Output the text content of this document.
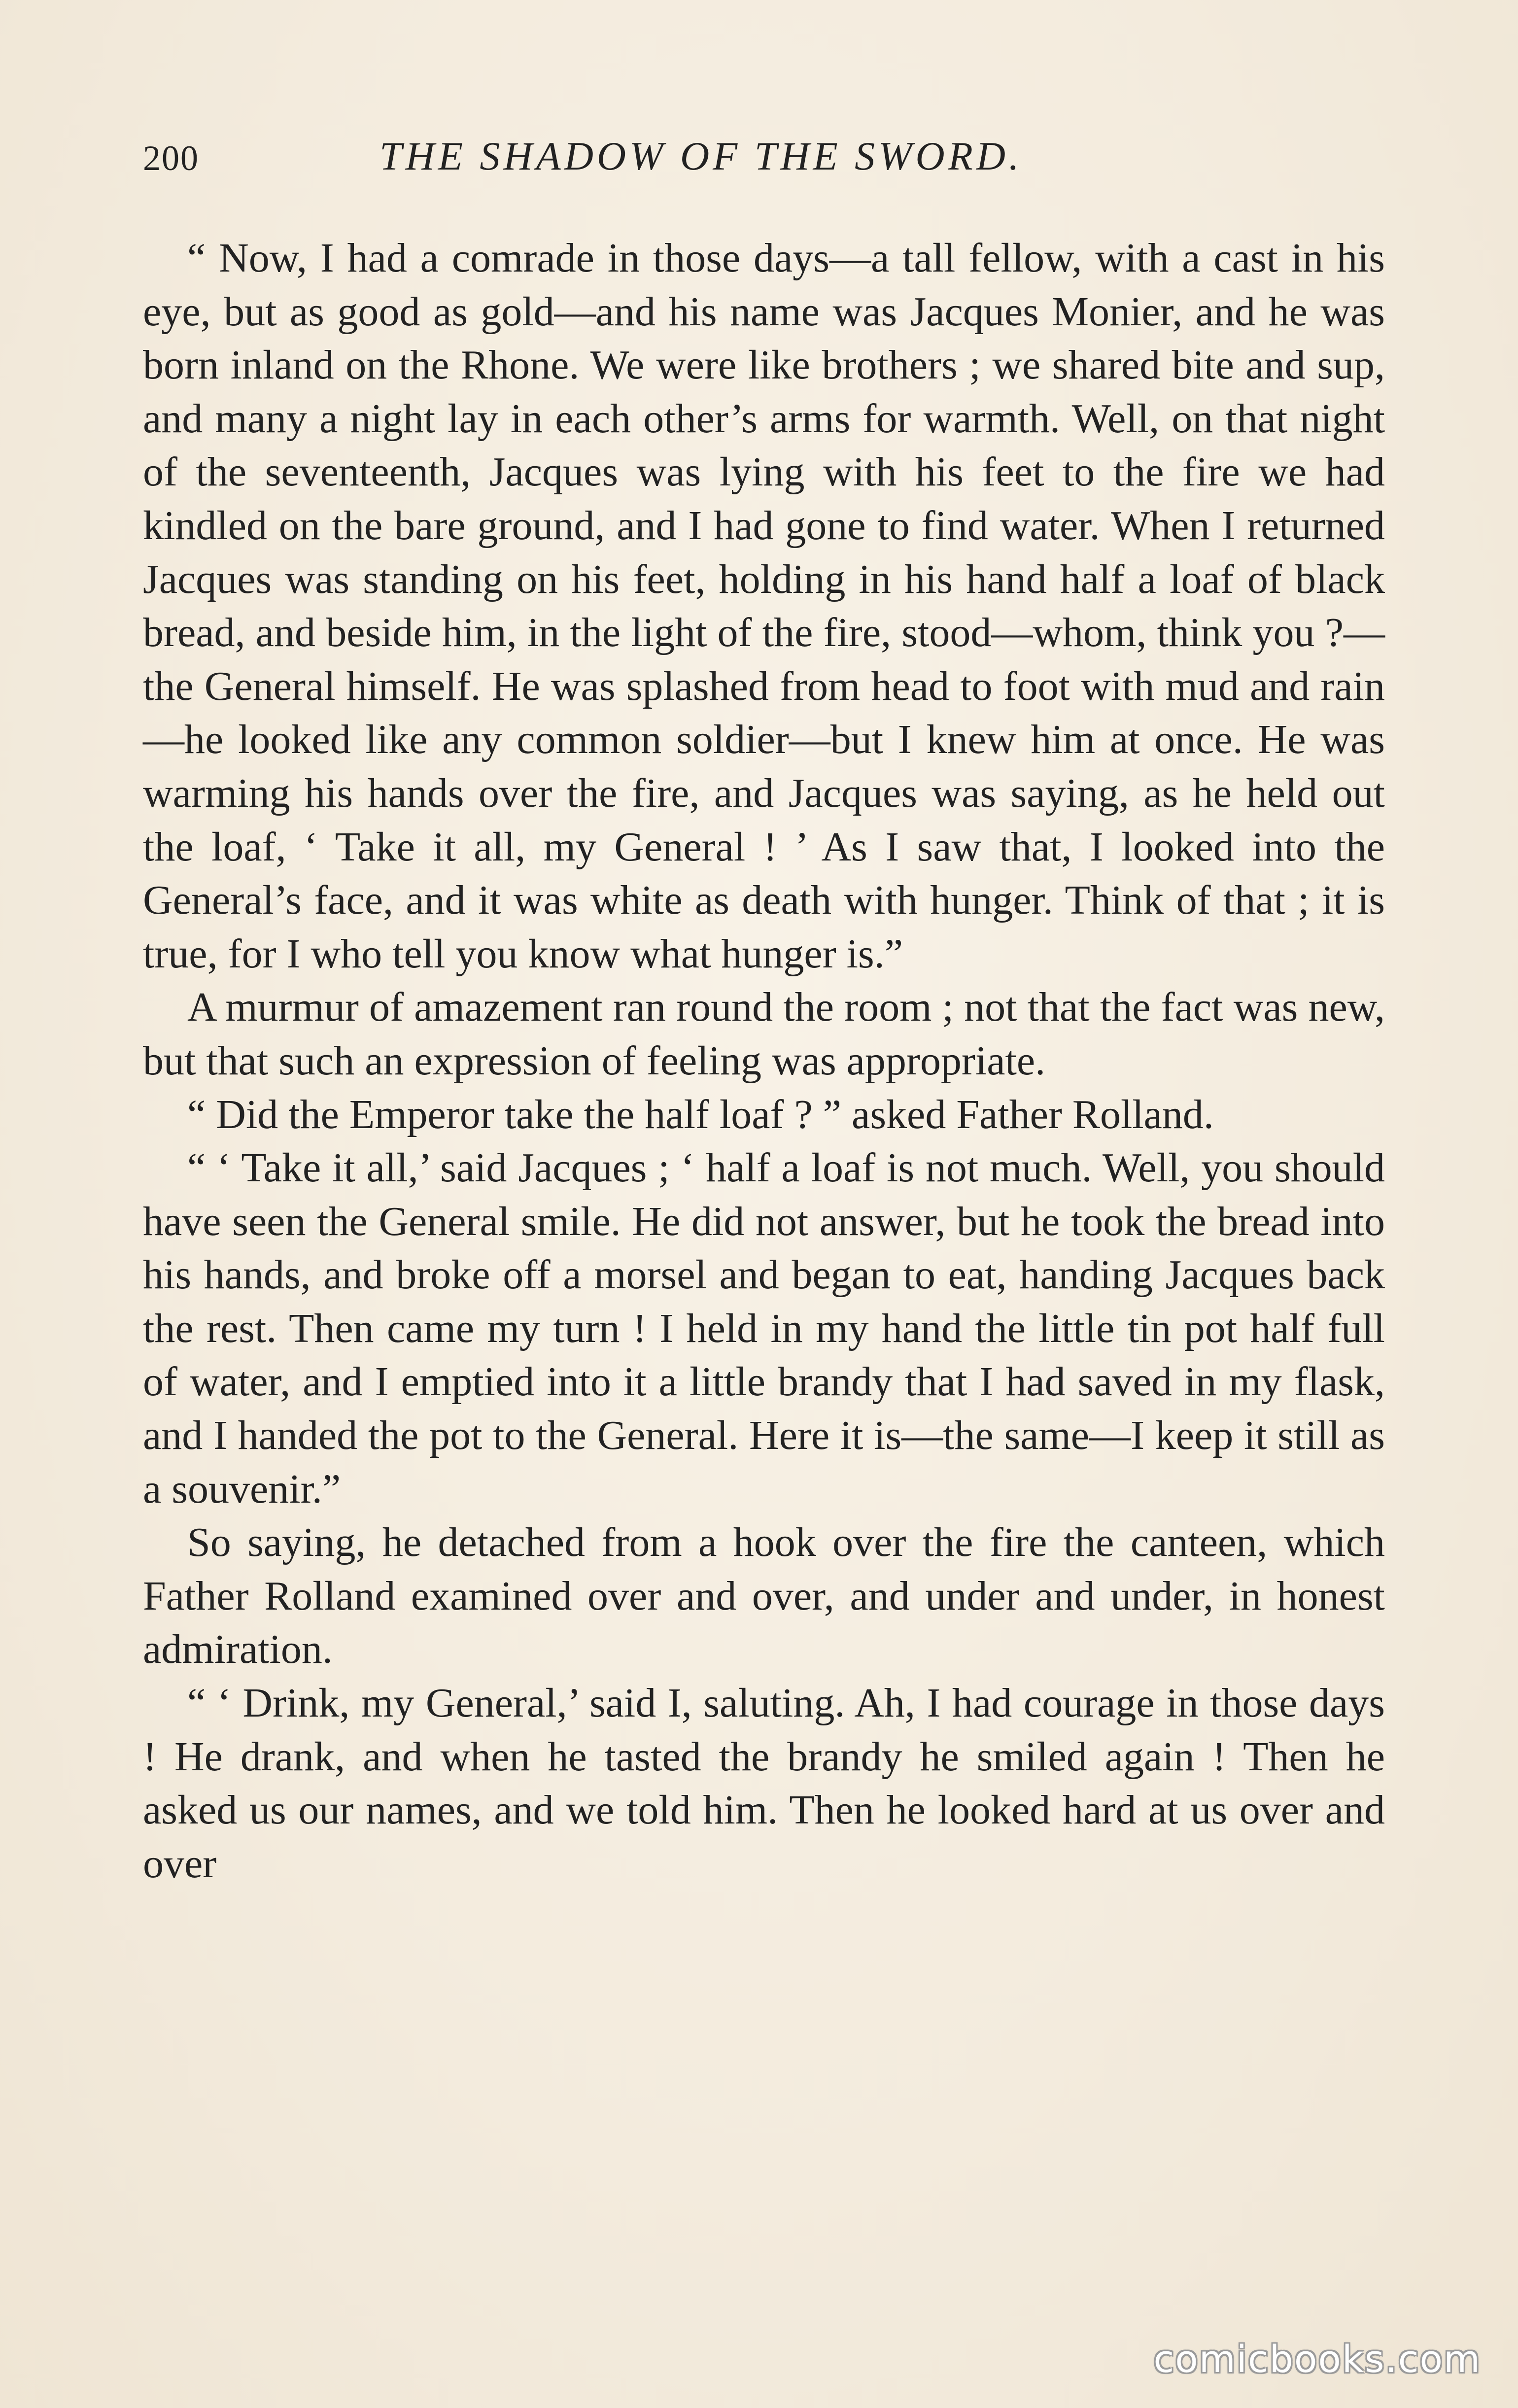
200	THE SHADOW OF THE SWORD.

“ Now, I had a comrade in those days—a tall fellow, with a cast in his eye, but as good as gold—and his name was Jacques Monier, and he was born inland on the Rhone. We were like brothers ; we shared bite and sup, and many a night lay in each other’s arms for warmth. Well, on that night of the seventeenth, Jacques was lying with his feet to the fire we had kindled on the bare ground, and I had gone to find water. When I returned Jacques was standing on his feet, holding in his hand half a loaf of black bread, and beside him, in the light of the fire, stood—whom, think you ?—the General himself. He was splashed from head to foot with mud and rain—he looked like any common soldier—but I knew him at once. He was warming his hands over the fire, and Jacques was saying, as he held out the loaf, ‘ Take it all, my General ! ’ As I saw that, I looked into the General’s face, and it was white as death with hunger. Think of that ; it is true, for I who tell you know what hunger is.”

A murmur of amazement ran round the room ; not that the fact was new, but that such an expression of feeling was appropriate.

“ Did the Emperor take the half loaf ? ” asked Father Rolland.

“ ‘ Take it all,’ said Jacques ; ‘ half a loaf is not much. Well, you should have seen the General smile. He did not answer, but he took the bread into his hands, and broke off a morsel and began to eat, handing Jacques back the rest. Then came my turn ! I held in my hand the little tin pot half full of water, and I emptied into it a little brandy that I had saved in my flask, and I handed the pot to the General. Here it is—the same—I keep it still as a souvenir.”

So saying, he detached from a hook over the fire the canteen, which Father Rolland examined over and over, and under and under, in honest admiration.

“ ‘ Drink, my General,’ said I, saluting. Ah, I had courage in those days ! He drank, and when he tasted the brandy he smiled again ! Then he asked us our names, and we told him. Then he looked hard at us over and over

comicbooks.com
